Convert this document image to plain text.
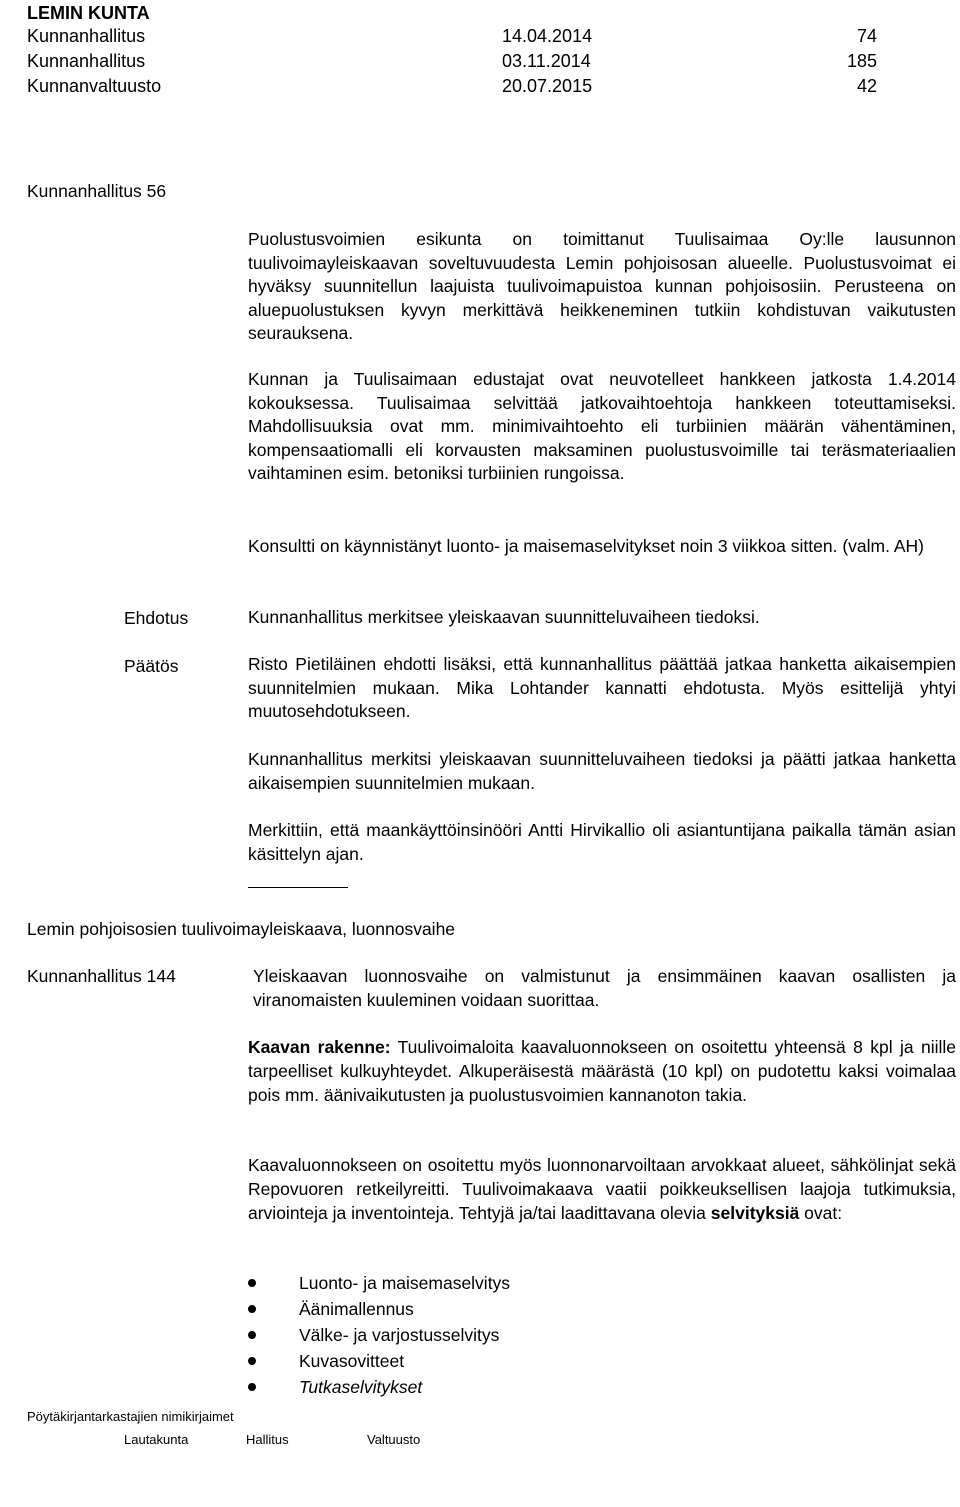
LEMIN KUNTA
Kunnanhallitus	14.04.2014	74
Kunnanhallitus	03.11.2014	185
Kunnanvaltuusto	20.07.2015	42
Kunnanhallitus 56

Puolustusvoimien esikunta on toimittanut Tuulisaimaa Oy:lle lausunnon tuulivoimayleiskaavan soveltuvuudesta Lemin pohjoisosan alueelle. Puolustusvoimat ei hyväksy suunnitellun laajuista tuulivoimapuistoa kunnan pohjoisosiin. Perusteena on aluepuolustuksen kyvyn merkittävä heikkeneminen tutkiin kohdistuvan vaikutusten seurauksena.

Kunnan ja Tuulisaimaan edustajat ovat neuvotelleet hankkeen jatkosta 1.4.2014 kokouksessa. Tuulisaimaa selvittää jatkovaihtoehtoja hankkeen toteuttamiseksi. Mahdollisuuksia ovat mm. minimivaihtoehto eli turbiinien määrän vähentäminen, kompensaatiomalli eli korvausten maksaminen puolustusvoimille tai teräsmateriaalien vaihtaminen esim. betoniksi turbiinien rungoissa.

Konsultti on käynnistänyt luonto- ja maisemaselvitykset noin 3 viikkoa sitten. (valm. AH)

Ehdotus	Kunnanhallitus merkitsee yleiskaavan suunnitteluvaiheen tiedoksi.

Päätös	Risto Pietiläinen ehdotti lisäksi, että kunnanhallitus päättää jatkaa hanketta aikaisempien suunnitelmien mukaan. Mika Lohtander kannatti ehdotusta. Myös esittelijä yhtyi muutosehdotukseen.

Kunnanhallitus merkitsi yleiskaavan suunnitteluvaiheen tiedoksi ja päätti jatkaa hanketta aikaisempien suunnitelmien mukaan.

Merkittiin, että maankäyttöinsinööri Antti Hirvikallio oli asiantuntijana paikalla tämän asian käsittelyn ajan.

Lemin pohjoisosien tuulivoimayleiskaava, luonnosvaihe
Kunnanhallitus 144	Yleiskaavan luonnosvaihe on valmistunut ja ensimmäinen kaavan osallisten ja viranomaisten kuuleminen voidaan suorittaa.

Kaavan rakenne: Tuulivoimaloita kaavaluonnokseen on osoitettu yhteensä 8 kpl ja niille tarpeelliset kulkuyhteydet. Alkuperäisestä määrästä (10 kpl) on pudotettu kaksi voimalaa pois mm. äänivaikutusten ja puolustusvoimien kannanoton takia.

Kaavaluonnokseen on osoitettu myös luonnonarvoiltaan arvokkaat alueet, sähkölinjat sekä Repovuoren retkeilyreitti. Tuulivoimakaava vaatii poikkeuksellisen laajoja tutkimuksia, arviointeja ja inventointeja. Tehtyjä ja/tai laadittavana olevia selvityksiä ovat:

Luonto- ja maisemaselvitys
Äänimallennus
Välke- ja varjostusselvitys
Kuvasovitteet
Tutkaselvitykset
Pöytäkirjantarkastajien nimikirjaimet
Lautakunta	Hallitus	Valtuusto
